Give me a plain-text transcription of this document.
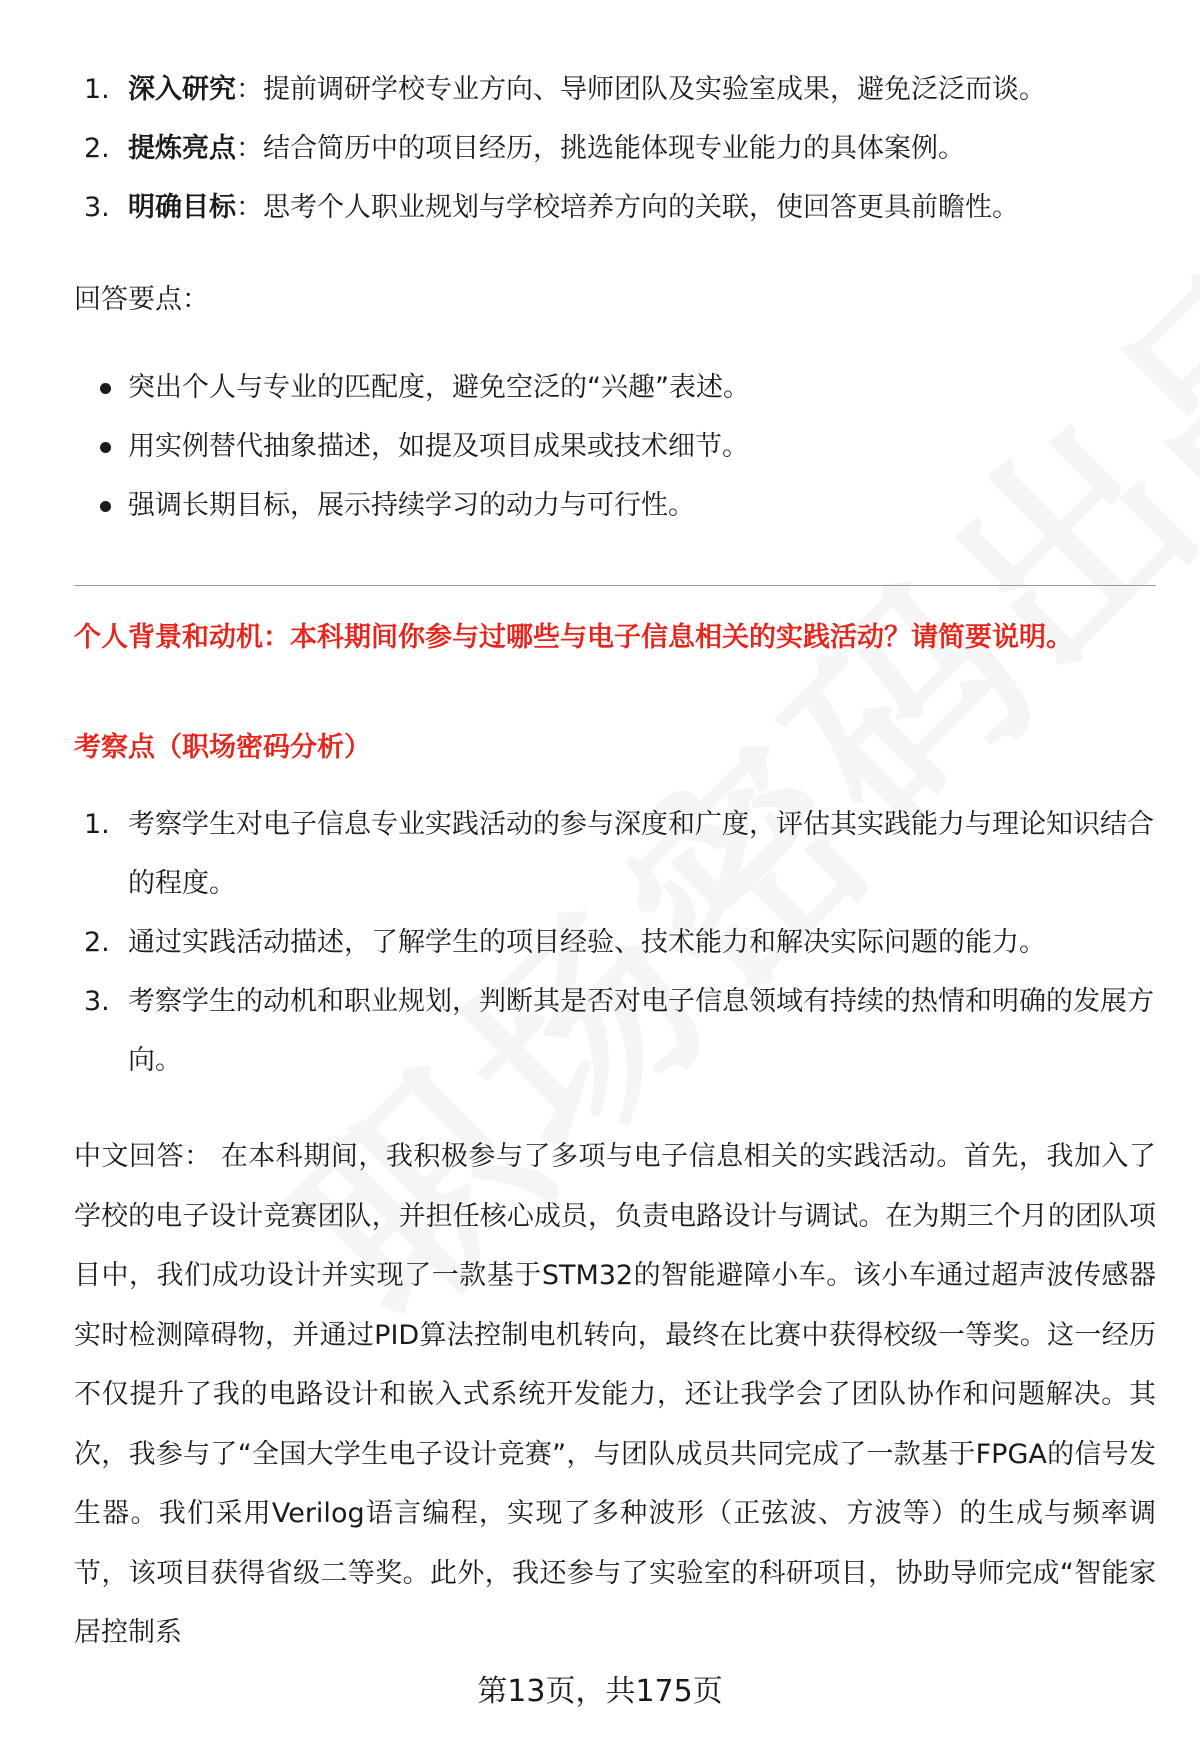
1. 深入研究：提前调研学校专业方向、导师团队及实验室成果，避免泛泛而谈。
2. 提炼亮点：结合简历中的项目经历，挑选能体现专业能力的具体案例。
3. 明确目标：思考个人职业规划与学校培养方向的关联，使回答更具前瞻性。

回答要点：

突出个人与专业的匹配度，避免空泛的“兴趣”表述。
用实例替代抽象描述，如提及项目成果或技术细节。
强调长期目标，展示持续学习的动力与可行性。

个人背景和动机：本科期间你参与过哪些与电子信息相关的实践活动？请简要说明。

考察点（职场密码分析）

1. 考察学生对电子信息专业实践活动的参与深度和广度，评估其实践能力与理论知识结合的程度。
2. 通过实践活动描述，了解学生的项目经验、技术能力和解决实际问题的能力。
3. 考察学生的动机和职业规划，判断其是否对电子信息领域有持续的热情和明确的发展方向。

中文回答： 在本科期间，我积极参与了多项与电子信息相关的实践活动。首先，我加入了学校的电子设计竞赛团队，并担任核心成员，负责电路设计与调试。在为期三个月的团队项目中，我们成功设计并实现了一款基于STM32的智能避障小车。该小车通过超声波传感器实时检测障碍物，并通过PID算法控制电机转向，最终在比赛中获得校级一等奖。这一经历不仅提升了我的电路设计和嵌入式系统开发能力，还让我学会了团队协作和问题解决。其次，我参与了“全国大学生电子设计竞赛”，与团队成员共同完成了一款基于FPGA的信号发生器。我们采用Verilog语言编程，实现了多种波形（正弦波、方波等）的生成与频率调节，该项目获得省级二等奖。此外，我还参与了实验室的科研项目，协助导师完成“智能家居控制系

第13页，共175页
